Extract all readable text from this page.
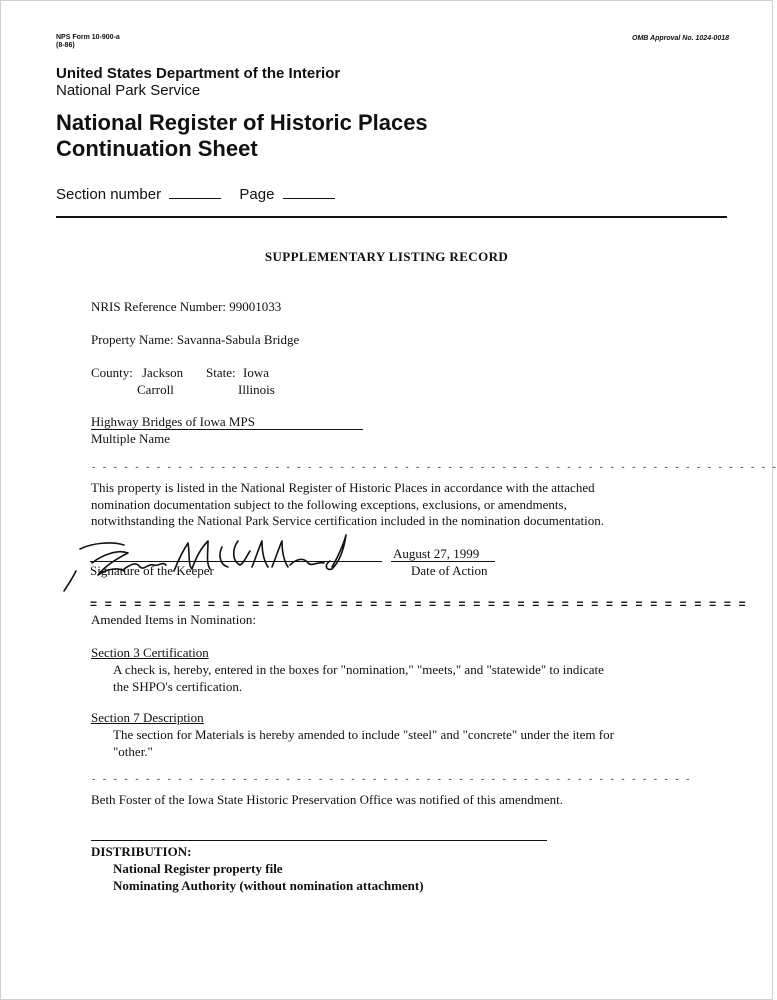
NPS Form 10-900-a
(8-86)
OMB Approval No. 1024-0018
United States Department of the Interior
National Park Service
National Register of Historic Places
Continuation Sheet
Section number	Page
SUPPLEMENTARY LISTING RECORD
NRIS Reference Number: 99001033
Property Name: Savanna-Sabula Bridge
County: Jackson
Carroll
State: Iowa
Illinois
Highway Bridges of Iowa MPS
Multiple Name
- - - - - - - - - - - - - - - - - - - - - - - - - - - - - - - - - - - - - - - - - - - - - - - - - - - - - - - - - - - - - - - -
This property is listed in the National Register of Historic Places in accordance with the attached
nomination documentation subject to the following exceptions, exclusions, or amendments,
notwithstanding the National Park Service certification included in the nomination documentation.
Signature of the Keeper
August 27, 1999
Date of Action
= = = = = = = = = = = = = = = = = = = = = = = = = = = = = = = = = = = = = = = = = = = = =
Amended Items in Nomination:
Section 3 Certification
A check is, hereby, entered in the boxes for "nomination," "meets," and "statewide" to indicate
the SHPO's certification.
Section 7 Description
The section for Materials is hereby amended to include "steel" and "concrete" under the item for
"other."
- - - - - - - - - - - - - - - - - - - - - - - - - - - - - - - - - - - - - - - - - - - - - - - - - - - - - - - -
Beth Foster of the Iowa State Historic Preservation Office was notified of this amendment.
DISTRIBUTION:
National Register property file
Nominating Authority (without nomination attachment)
